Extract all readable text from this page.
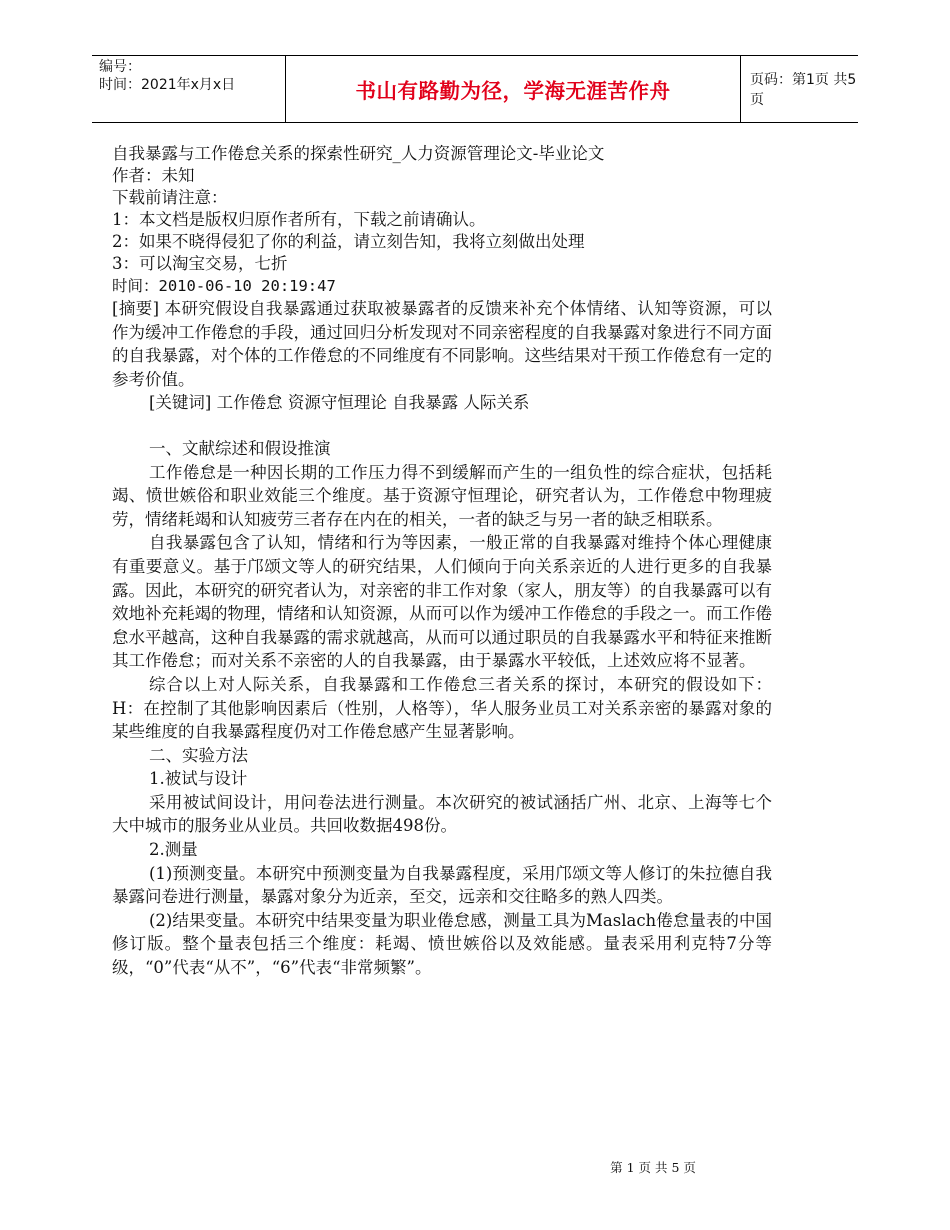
编号：
时间：2021年x月x日	书山有路勤为径，学海无涯苦作舟	页码：第1页 共5页
自我暴露与工作倦怠关系的探索性研究_人力资源管理论文-毕业论文
作者：未知
下载前请注意：
1：本文档是版权归原作者所有，下载之前请确认。
2：如果不晓得侵犯了你的利益，请立刻告知，我将立刻做出处理
3：可以淘宝交易，七折
时间：2010-06-10 20:19:47

[摘要] 本研究假设自我暴露通过获取被暴露者的反馈来补充个体情绪、认知等资源，可以作为缓冲工作倦怠的手段，通过回归分析发现对不同亲密程度的自我暴露对象进行不同方面的自我暴露，对个体的工作倦怠的不同维度有不同影响。这些结果对干预工作倦怠有一定的参考价值。

[关键词] 工作倦怠 资源守恒理论 自我暴露 人际关系

一、文献综述和假设推演

工作倦怠是一种因长期的工作压力得不到缓解而产生的一组负性的综合症状，包括耗竭、愤世嫉俗和职业效能三个维度。基于资源守恒理论，研究者认为，工作倦怠中物理疲劳，情绪耗竭和认知疲劳三者存在内在的相关，一者的缺乏与另一者的缺乏相联系。

自我暴露包含了认知，情绪和行为等因素，一般正常的自我暴露对维持个体心理健康有重要意义。基于邝颂文等人的研究结果，人们倾向于向关系亲近的人进行更多的自我暴露。因此，本研究的研究者认为，对亲密的非工作对象（家人，朋友等）的自我暴露可以有效地补充耗竭的物理，情绪和认知资源，从而可以作为缓冲工作倦怠的手段之一。而工作倦怠水平越高，这种自我暴露的需求就越高，从而可以通过职员的自我暴露水平和特征来推断其工作倦怠；而对关系不亲密的人的自我暴露，由于暴露水平较低，上述效应将不显著。

综合以上对人际关系，自我暴露和工作倦怠三者关系的探讨，本研究的假设如下：H：在控制了其他影响因素后（性别，人格等），华人服务业员工对关系亲密的暴露对象的某些维度的自我暴露程度仍对工作倦怠感产生显著影响。

二、实验方法
1.被试与设计

采用被试间设计，用问卷法进行测量。本次研究的被试涵括广州、北京、上海等七个大中城市的服务业从业员。共回收数据498份。

2.测量

(1)预测变量。本研究中预测变量为自我暴露程度，采用邝颂文等人修订的朱拉德自我暴露问卷进行测量，暴露对象分为近亲，至交，远亲和交往略多的熟人四类。

(2)结果变量。本研究中结果变量为职业倦怠感，测量工具为Maslach倦怠量表的中国修订版。整个量表包括三个维度：耗竭、愤世嫉俗以及效能感。量表采用利克特7分等级，“0”代表“从不”，“6”代表“非常频繁”。

第 1 页 共 5 页
